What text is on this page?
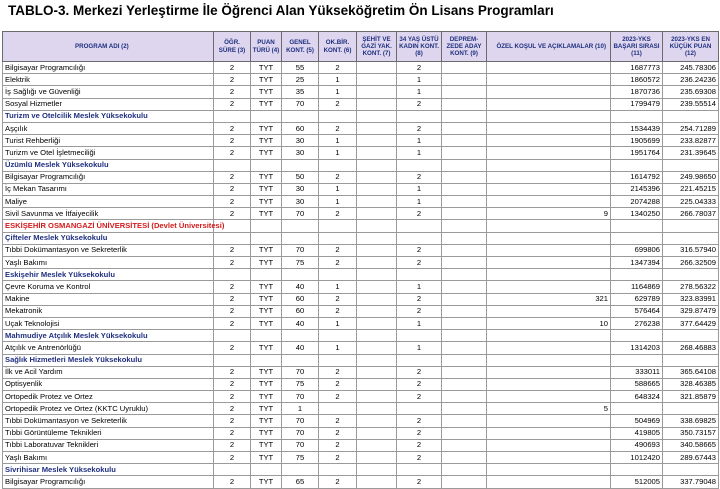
TABLO-3. Merkezi Yerleştirme İle Öğrenci Alan Yükseköğretim Ön Lisans Programları
PROGRAM ADI (2)	ÖĞR. SÜRE (3)	PUAN TÜRÜ (4)	GENEL KONT. (5)	OK.BİR. KONT. (6)	ŞEHİT VE GAZİ YAK. KONT. (7)	34 YAŞ ÜSTÜ KADIN KONT. (8)	DEPREM-ZEDE ADAY KONT. (9)	ÖZEL KOŞUL VE AÇIKLAMALAR (10)	2023-YKS BAŞARI SIRASI (11)	2023-YKS EN KÜÇÜK PUAN (12)
Bilgisayar Programcılığı	2	TYT	55	2		2			1687773	245.78306
Elektrik	2	TYT	25	1		1			1860572	236.24236
İş Sağlığı ve Güvenliği	2	TYT	35	1		1			1870736	235.69308
Sosyal Hizmetler	2	TYT	70	2		2			1799479	239.55514
Turizm ve Otelcilik Meslek Yüksekokulu										
Aşçılık	2	TYT	60	2		2			1534439	254.71289
Turist Rehberliği	2	TYT	30	1		1			1905699	233.82877
Turizm ve Otel İşletmeciliği	2	TYT	30	1		1			1951764	231.39645
Üzümlü Meslek Yüksekokulu										
Bilgisayar Programcılığı	2	TYT	50	2		2			1614792	249.98650
İç Mekan Tasarımı	2	TYT	30	1		1			2145396	221.45215
Maliye	2	TYT	30	1		1			2074288	225.04333
Sivil Savunma ve İtfaiyecilik	2	TYT	70	2		2		9	1340250	266.78037
ESKİŞEHİR OSMANGAZİ ÜNİVERSİTESİ (Devlet Üniversitesi)										
Çifteler Meslek Yüksekokulu										
Tıbbi Dokümantasyon ve Sekreterlik	2	TYT	70	2		2			699806	316.57940
Yaşlı Bakımı	2	TYT	75	2		2			1347394	266.32509
Eskişehir Meslek Yüksekokulu										
Çevre Koruma ve Kontrol	2	TYT	40	1		1			1164869	278.56322
Makine	2	TYT	60	2		2		321	629789	323.83991
Mekatronik	2	TYT	60	2		2			576464	329.87479
Uçak Teknolojisi	2	TYT	40	1		1		10	276238	377.64429
Mahmudiye Atçılık Meslek Yüksekokulu										
Atçılık ve Antrenörlüğü	2	TYT	40	1		1			1314203	268.46883
Sağlık Hizmetleri Meslek Yüksekokulu										
İlk ve Acil Yardım	2	TYT	70	2		2			333011	365.64108
Optisyenlik	2	TYT	75	2		2			588665	328.46385
Ortopedik Protez ve Ortez	2	TYT	70	2		2			648324	321.85879
Ortopedik Protez ve Ortez (KKTC Uyruklu)	2	TYT	1					5		
Tıbbi Dokümantasyon ve Sekreterlik	2	TYT	70	2		2			504969	338.69825
Tıbbi Görüntüleme Teknikleri	2	TYT	70	2		2			419805	350.73157
Tıbbi Laboratuvar Teknikleri	2	TYT	70	2		2			490693	340.58665
Yaşlı Bakımı	2	TYT	75	2		2			1012420	289.67443
Sivrihisar Meslek Yüksekokulu										
Bilgisayar Programcılığı	2	TYT	65	2		2			512005	337.79048
